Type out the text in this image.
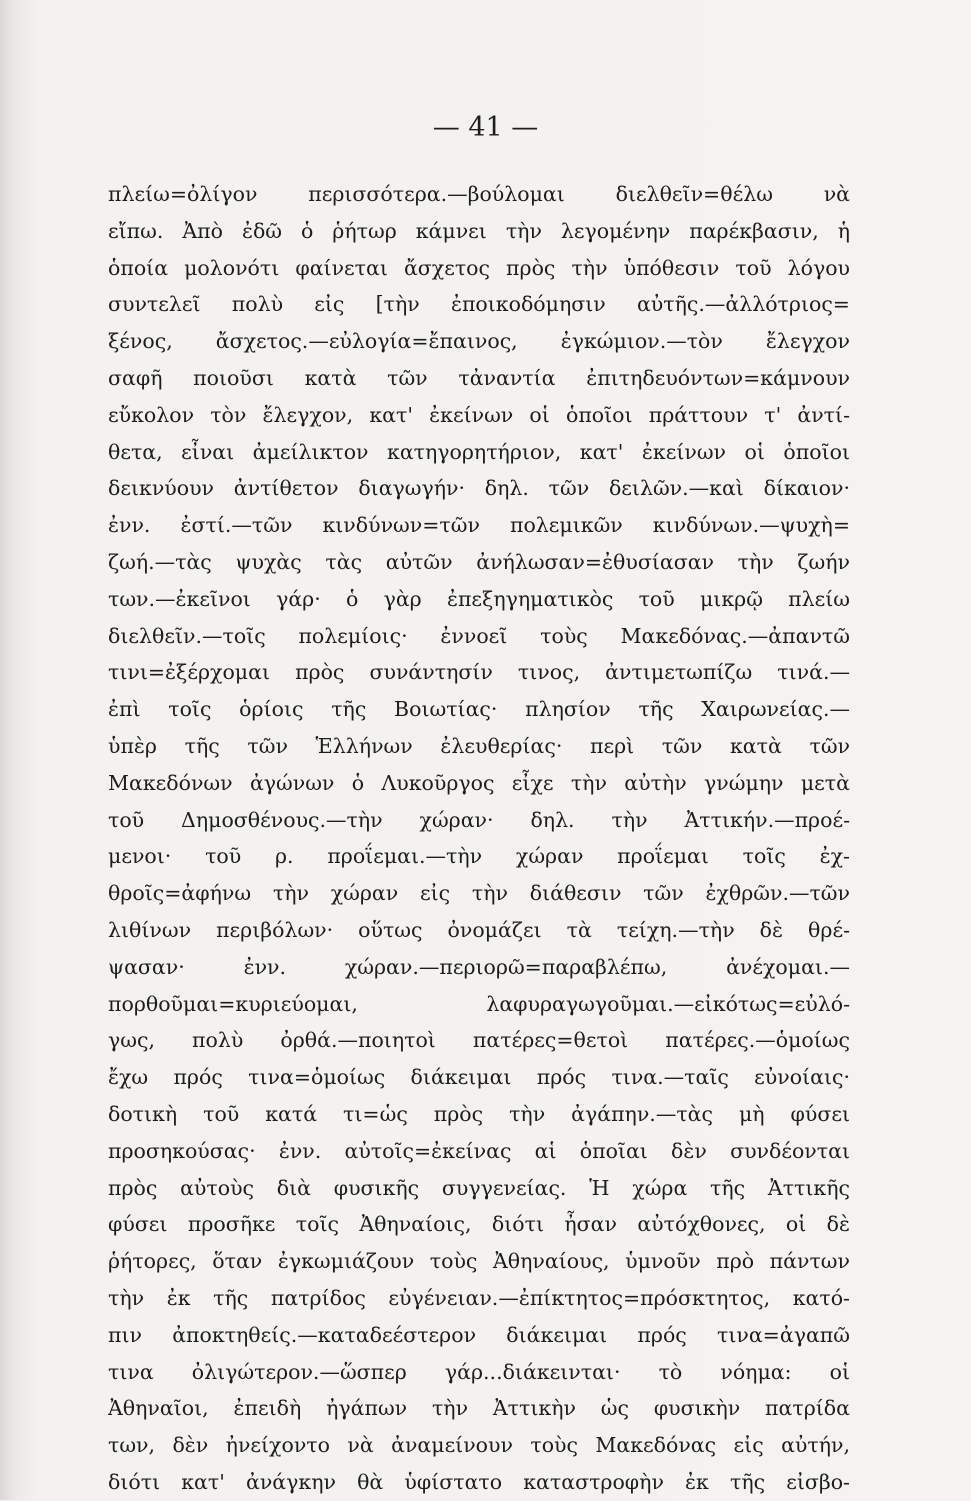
— 41 —
πλείω=ὀλίγον περισσότερα.—βούλομαι διελθεῖν=θέλω νὰ
εἴπω. Ἀπὸ ἐδῶ ὁ ῥήτωρ κάμνει τὴν λεγομένην παρέκβασιν, ἡ
ὁποία μολονότι φαίνεται ἄσχετος πρὸς τὴν ὑπόθεσιν τοῦ λόγου
συντελεῖ πολὺ εἰς [τὴν ἐποικοδόμησιν αὐτῆς.—ἀλλότριος=
ξένος, ἄσχετος.—εὐλογία=ἔπαινος, ἐγκώμιον.—τὸν ἔλεγχον
σαφῆ ποιοῦσι κατὰ τῶν τἀναντία ἐπιτηδευόντων=κάμνουν
εὔκολον τὸν ἔλεγχον, κατ' ἐκείνων οἱ ὁποῖοι πράττουν τ' ἀντί-
θετα, εἶναι ἀμείλικτον κατηγορητήριον, κατ' ἐκείνων οἱ ὁποῖοι
δεικνύουν ἀντίθετον διαγωγήν· δηλ. τῶν δειλῶν.—καὶ δίκαιον·
ἐνν. ἐστί.—τῶν κινδύνων=τῶν πολεμικῶν κινδύνων.—ψυχὴ=
ζωή.—τὰς ψυχὰς τὰς αὐτῶν ἀνήλωσαν=ἐθυσίασαν τὴν ζωήν
των.—ἐκεῖνοι γάρ· ὁ γὰρ ἐπεξηγηματικὸς τοῦ μικρῷ πλείω
διελθεῖν.—τοῖς πολεμίοις· ἐννοεῖ τοὺς Μακεδόνας.—ἀπαντῶ
τινι=ἐξέρχομαι πρὸς συνάντησίν τινος, ἀντιμετωπίζω τινά.—
ἐπὶ τοῖς ὁρίοις τῆς Βοιωτίας· πλησίον τῆς Χαιρωνείας.—
ὑπὲρ τῆς τῶν Ἑλλήνων ἐλευθερίας· περὶ τῶν κατὰ τῶν
Μακεδόνων ἀγώνων ὁ Λυκοῦργος εἶχε τὴν αὐτὴν γνώμην μετὰ
τοῦ Δημοσθένους.—τὴν χώραν· δηλ. τὴν Ἀττικήν.—προέ-
μενοι· τοῦ ρ. προΐεμαι.—τὴν χώραν προΐεμαι τοῖς ἐχ-
θροῖς=ἀφήνω τὴν χώραν εἰς τὴν διάθεσιν τῶν ἐχθρῶν.—τῶν
λιθίνων περιβόλων· οὕτως ὀνομάζει τὰ τείχη.—τὴν δὲ θρέ-
ψασαν· ἐνν. χώραν.—περιορῶ=παραβλέπω, ἀνέχομαι.—
πορθοῦμαι=κυριεύομαι, λαφυραγωγοῦμαι.—εἰκότως=εὐλό-
γως, πολὺ ὀρθά.—ποιητοὶ πατέρες=θετοὶ πατέρες.—ὁμοίως
ἔχω πρός τινα=ὁμοίως διάκειμαι πρός τινα.—ταῖς εὐνοίαις·
δοτικὴ τοῦ κατά τι=ὡς πρὸς τὴν ἀγάπην.—τὰς μὴ φύσει
προσηκούσας· ἐνν. αὐτοῖς=ἐκείνας αἱ ὁποῖαι δὲν συνδέονται
πρὸς αὐτοὺς διὰ φυσικῆς συγγενείας. Ἡ χώρα τῆς Ἀττικῆς
φύσει προσῆκε τοῖς Ἀθηναίοις, διότι ἦσαν αὐτόχθονες, οἱ δὲ
ῥήτορες, ὅταν ἐγκωμιάζουν τοὺς Ἀθηναίους, ὑμνοῦν πρὸ πάντων
τὴν ἐκ τῆς πατρίδος εὐγένειαν.—ἐπίκτητος=πρόσκτητος, κατό-
πιν ἀποκτηθείς.—καταδεέστερον διάκειμαι πρός τινα=ἀγαπῶ
τινα ὀλιγώτερον.—ὥσπερ γάρ...διάκεινται· τὸ νόημα: οἱ
Ἀθηναῖοι, ἐπειδὴ ἠγάπων τὴν Ἀττικὴν ὡς φυσικὴν πατρίδα
των, δὲν ἠνείχοντο νὰ ἀναμείνουν τοὺς Μακεδόνας εἰς αὐτήν,
διότι κατ' ἀνάγκην θὰ ὑφίστατο καταστροφὴν ἐκ τῆς εἰσβο-
